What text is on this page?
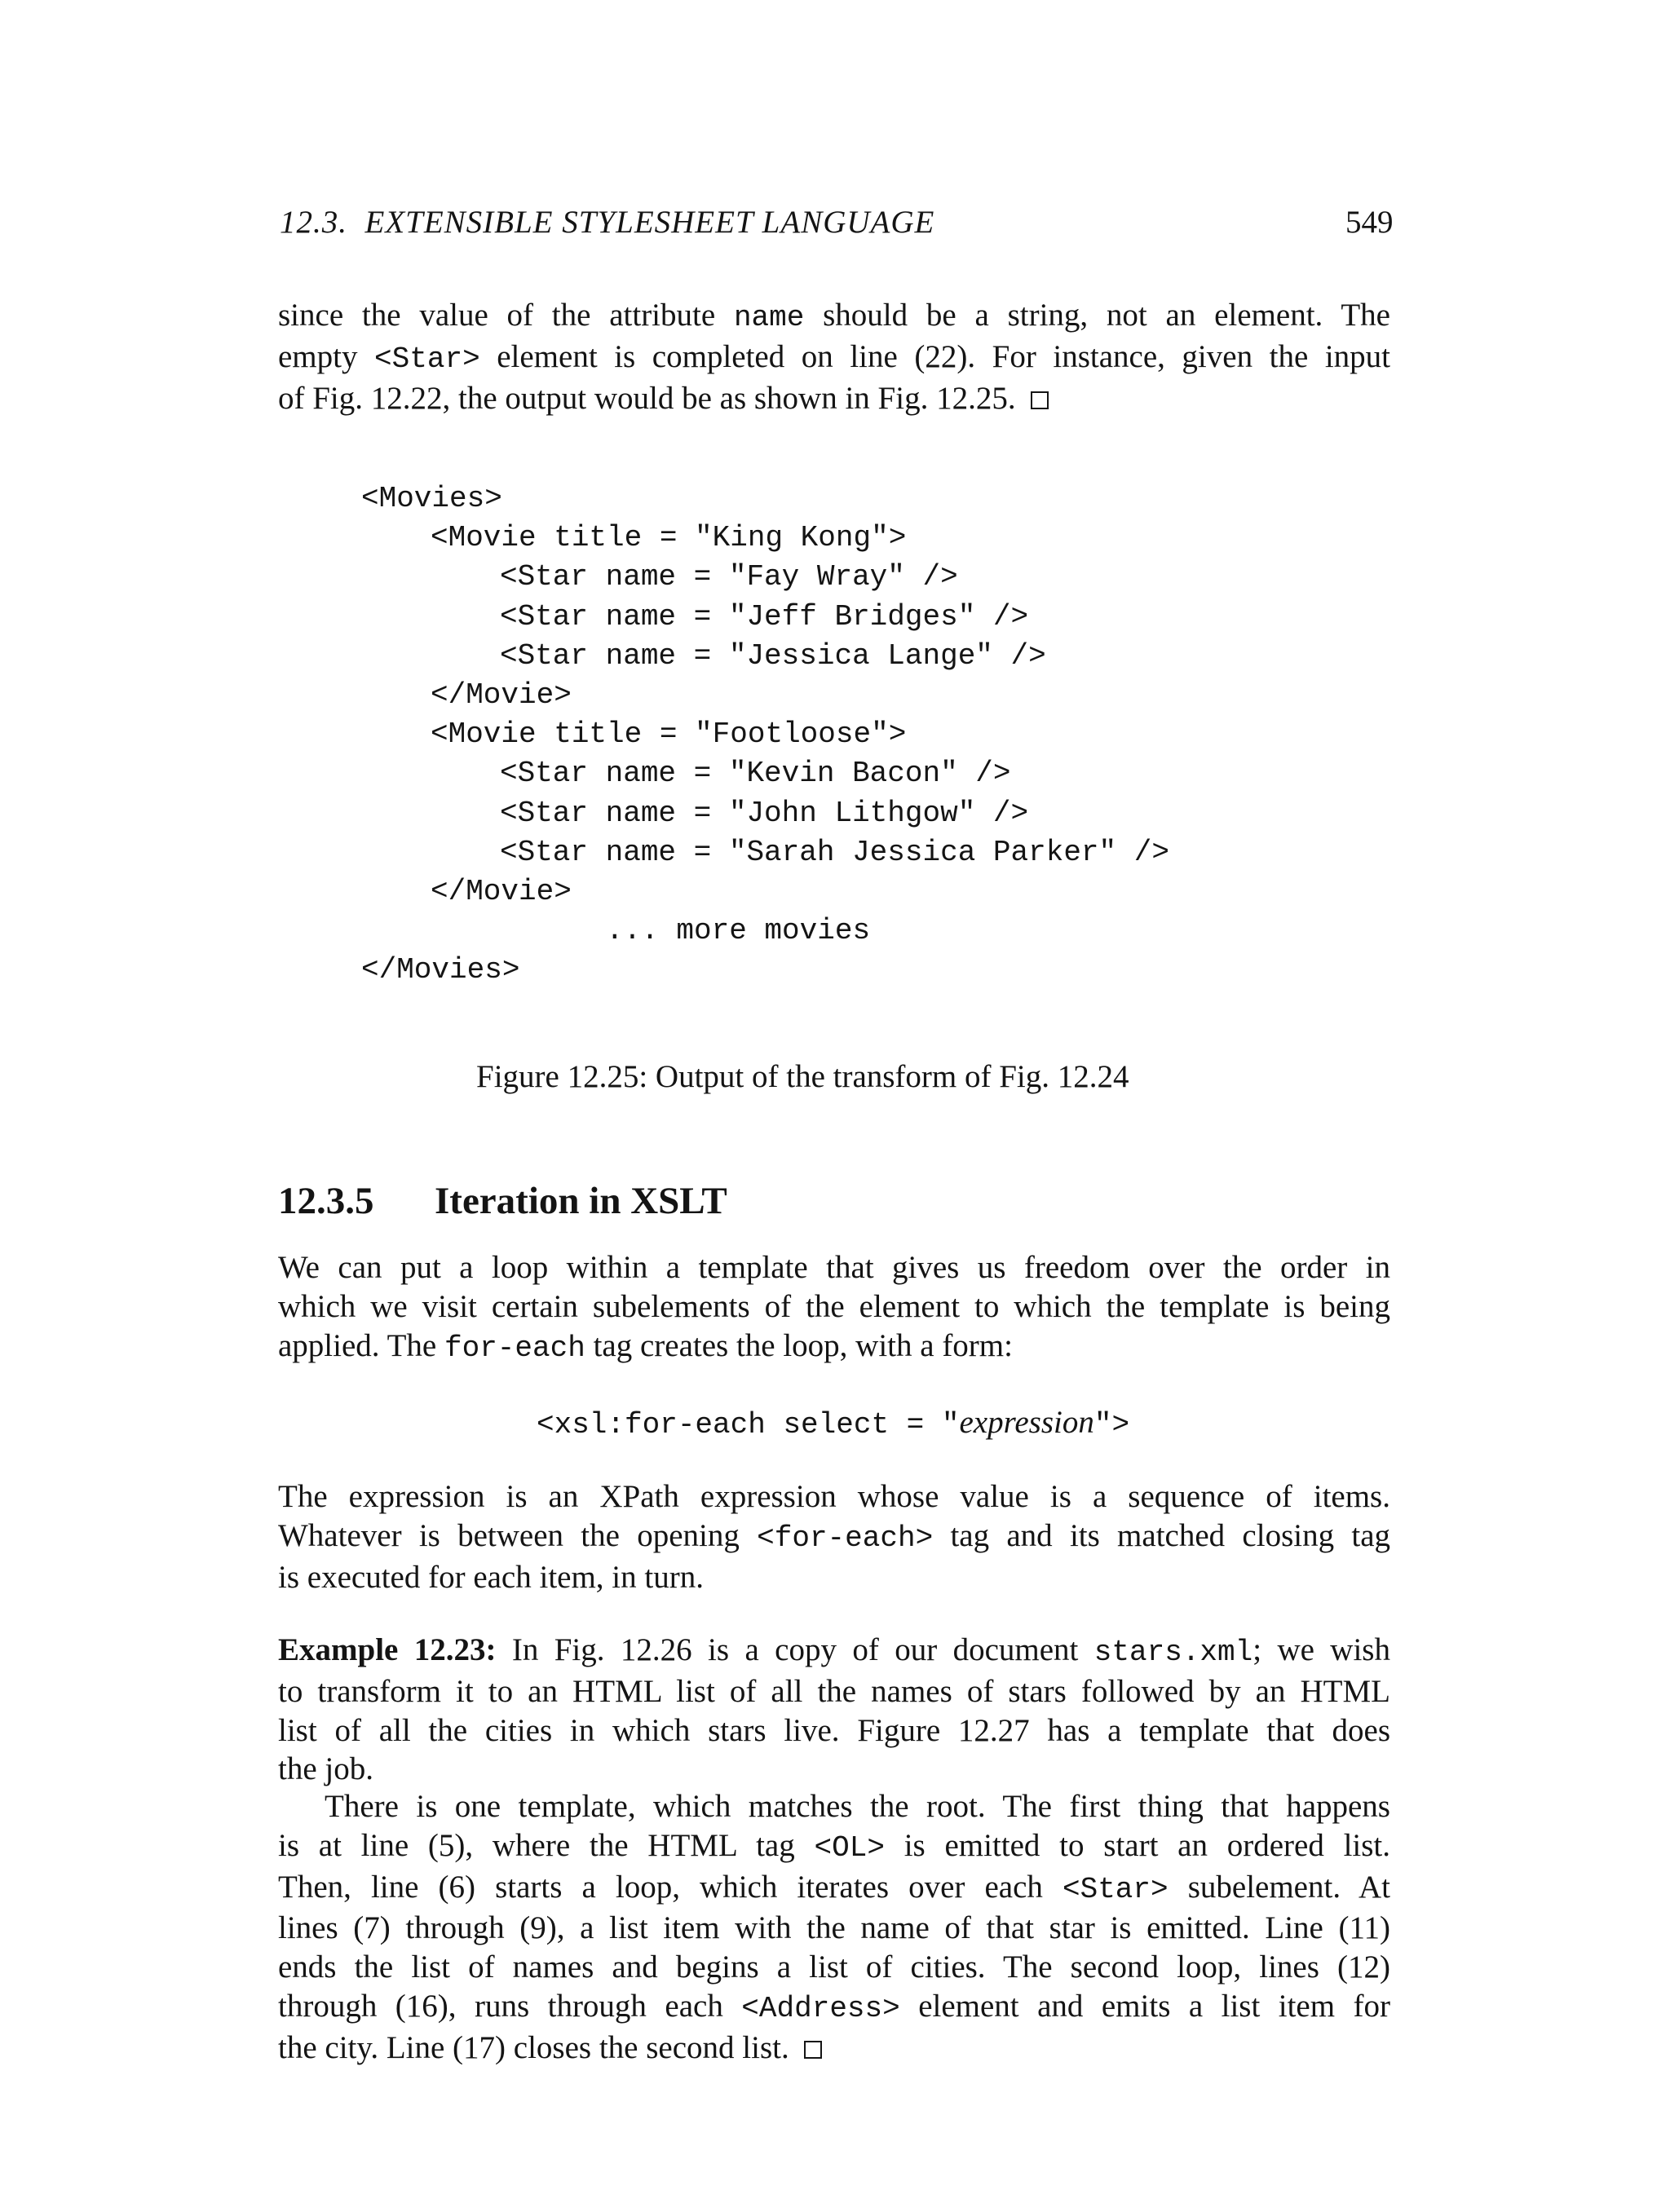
12.3.  EXTENSIBLE STYLESHEET LANGUAGE	549
since the value of the attribute name should be a string, not an element. The
empty <Star> element is completed on line (22). For instance, given the input
of Fig. 12.22, the output would be as shown in Fig. 12.25.
<Movies>
<Movie title = "King Kong">
<Star name = "Fay Wray" />
<Star name = "Jeff Bridges" />
<Star name = "Jessica Lange" />
</Movie>
<Movie title = "Footloose">
<Star name = "Kevin Bacon" />
<Star name = "John Lithgow" />
<Star name = "Sarah Jessica Parker" />
</Movie>
... more movies
</Movies>
Figure 12.25: Output of the transform of Fig. 12.24
12.3.5 Iteration in XSLT
We can put a loop within a template that gives us freedom over the order in
which we visit certain subelements of the element to which the template is being
applied. The for-each tag creates the loop, with a form:
<xsl:for-each select = "expression">
The expression is an XPath expression whose value is a sequence of items.
Whatever is between the opening <for-each> tag and its matched closing tag
is executed for each item, in turn.
Example 12.23: In Fig. 12.26 is a copy of our document stars.xml; we wish
to transform it to an HTML list of all the names of stars followed by an HTML
list of all the cities in which stars live. Figure 12.27 has a template that does
the job.
There is one template, which matches the root. The first thing that happens
is at line (5), where the HTML tag <OL> is emitted to start an ordered list.
Then, line (6) starts a loop, which iterates over each <Star> subelement. At
lines (7) through (9), a list item with the name of that star is emitted. Line (11)
ends the list of names and begins a list of cities. The second loop, lines (12)
through (16), runs through each <Address> element and emits a list item for
the city. Line (17) closes the second list.
